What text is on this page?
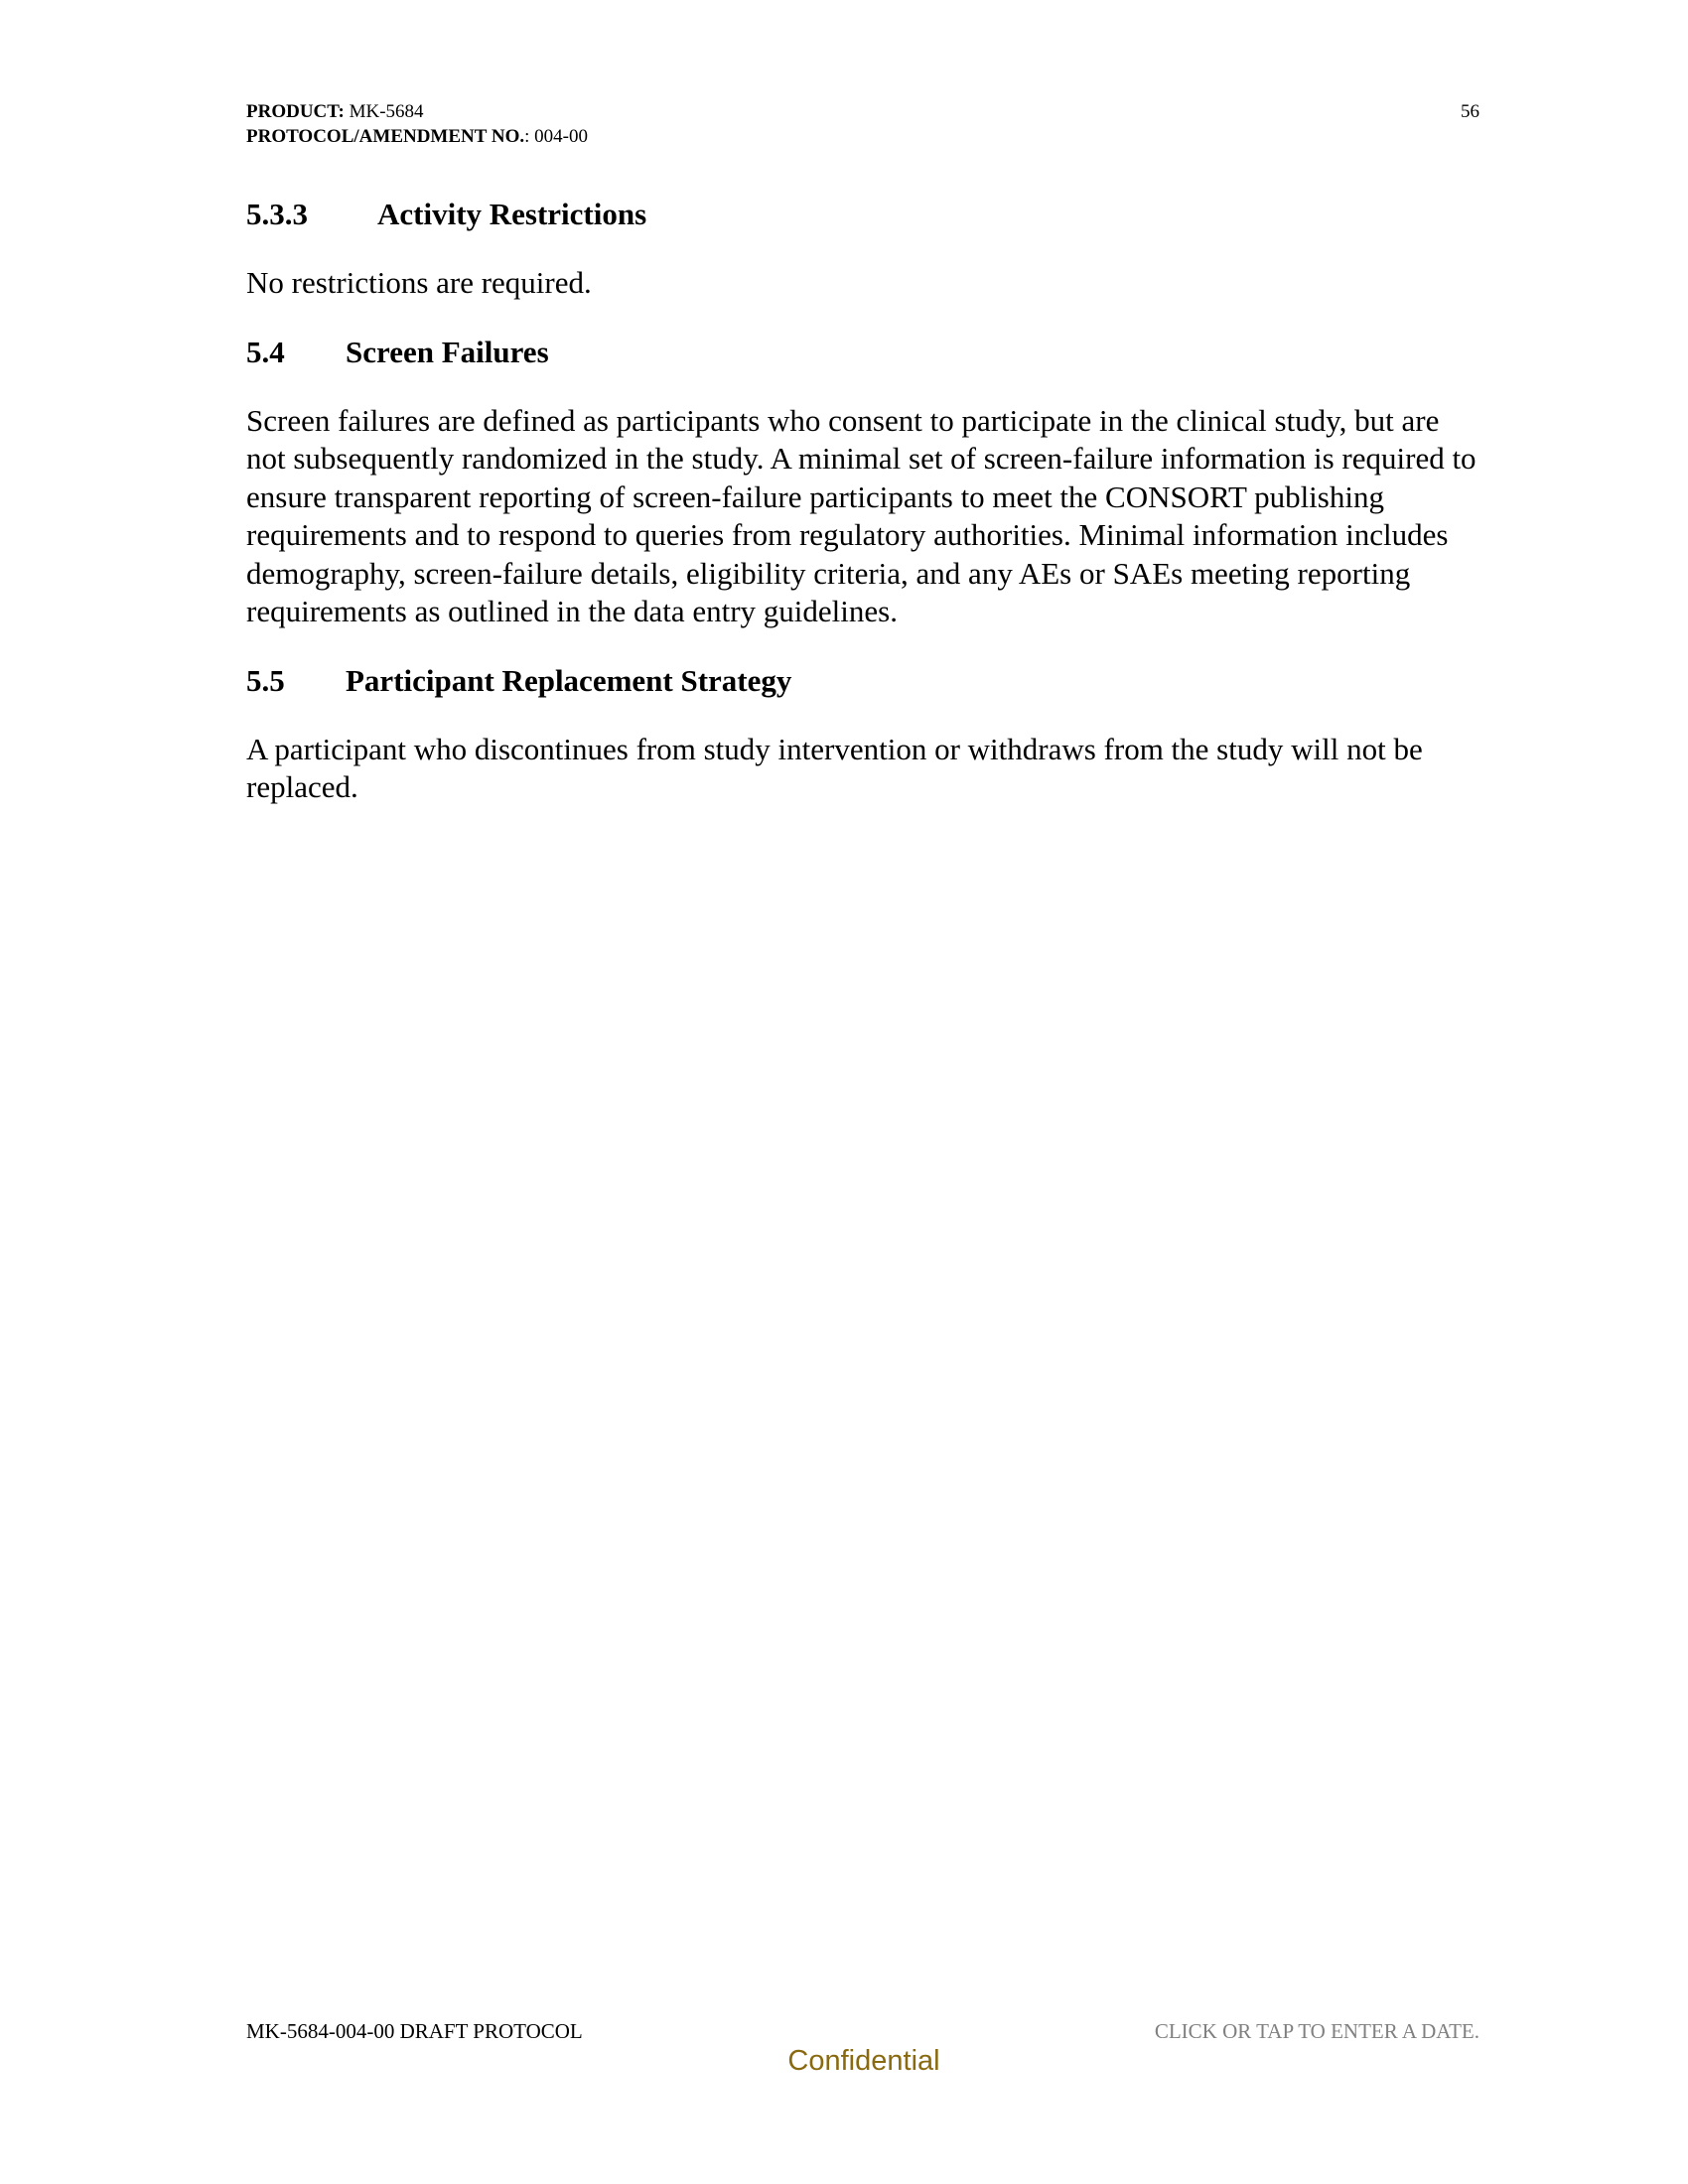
PRODUCT: MK-5684
PROTOCOL/AMENDMENT NO.: 004-00
56
5.3.3	Activity Restrictions

No restrictions are required.

5.4	Screen Failures

Screen failures are defined as participants who consent to participate in the clinical study, but are not subsequently randomized in the study. A minimal set of screen-failure information is required to ensure transparent reporting of screen-failure participants to meet the CONSORT publishing requirements and to respond to queries from regulatory authorities. Minimal information includes demography, screen-failure details, eligibility criteria, and any AEs or SAEs meeting reporting requirements as outlined in the data entry guidelines.

5.5	Participant Replacement Strategy

A participant who discontinues from study intervention or withdraws from the study will not be replaced.

MK-5684-004-00 DRAFT PROTOCOL	CLICK OR TAP TO ENTER A DATE.
Confidential
